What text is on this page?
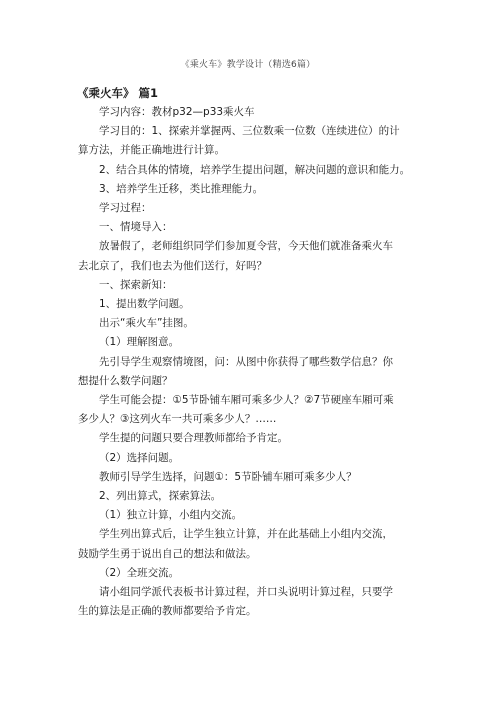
《乘火车》教学设计（精选6篇）
《乘火车》 篇1

学习内容：教材p32—p33乘火车

学习目的：1、探索并掌握两、三位数乘一位数（连续进位）的计

算方法，并能正确地进行计算。

2、结合具体的情境，培养学生提出问题，解决问题的意识和能力。

3、培养学生迁移，类比推理能力。

学习过程：

一、情境导入：

放暑假了，老师组织同学们参加夏令营，今天他们就准备乘火车

去北京了，我们也去为他们送行，好吗？

一、探索新知：

1、提出数学问题。

出示“乘火车”挂图。

（1）理解图意。

先引导学生观察情境图，问：从图中你获得了哪些数学信息？你

想提什么数学问题？

学生可能会提：①5节卧铺车厢可乘多少人？②7节硬座车厢可乘

多少人？③这列火车一共可乘多少人？……

学生提的问题只要合理教师都给予肯定。

（2）选择问题。

教师引导学生选择，问题①：5节卧铺车厢可乘多少人？

2、列出算式，探索算法。

（1）独立计算，小组内交流。

学生列出算式后，让学生独立计算，并在此基础上小组内交流，

鼓励学生勇于说出自己的想法和做法。

（2）全班交流。

请小组同学派代表板书计算过程，并口头说明计算过程，只要学

生的算法是正确的教师都要给予肯定。
